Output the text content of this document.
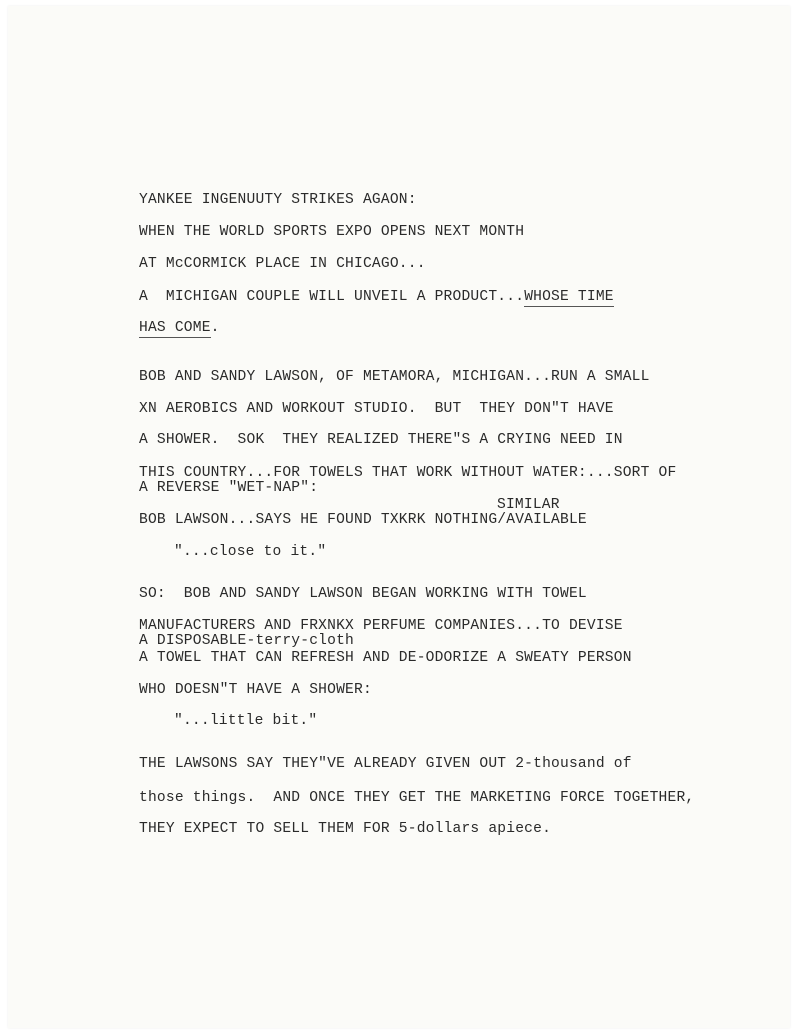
YANKEE INGENUUTY STRIKES AGAON:
WHEN THE WORLD SPORTS EXPO OPENS NEXT MONTH
AT McCORMICK PLACE IN CHICAGO...
A  MICHIGAN COUPLE WILL UNVEIL A PRODUCT...WHOSE TIME
HAS COME.
BOB AND SANDY LAWSON, OF METAMORA, MICHIGAN...RUN A SMALL
XN AEROBICS AND WORKOUT STUDIO.  BUT  THEY DON"T HAVE
A SHOWER.  SOK  THEY REALIZED THERE"S A CRYING NEED IN
THIS COUNTRY...FOR TOWELS THAT WORK WITHOUT WATER:...SORT OF
A REVERSE "WET-NAP":
SIMILAR
BOB LAWSON...SAYS HE FOUND TXKRK NOTHING/AVAILABLE
"...close to it."
SO:  BOB AND SANDY LAWSON BEGAN WORKING WITH TOWEL
MANUFACTURERS AND FRXNKX PERFUME COMPANIES...TO DEVISE
A DISPOSABLE-terry-cloth
A TOWEL THAT CAN REFRESH AND DE-ODORIZE A SWEATY PERSON
WHO DOESN"T HAVE A SHOWER:
"...little bit."
THE LAWSONS SAY THEY"VE ALREADY GIVEN OUT 2-thousand of
those things.  AND ONCE THEY GET THE MARKETING FORCE TOGETHER,
THEY EXPECT TO SELL THEM FOR 5-dollars apiece.
